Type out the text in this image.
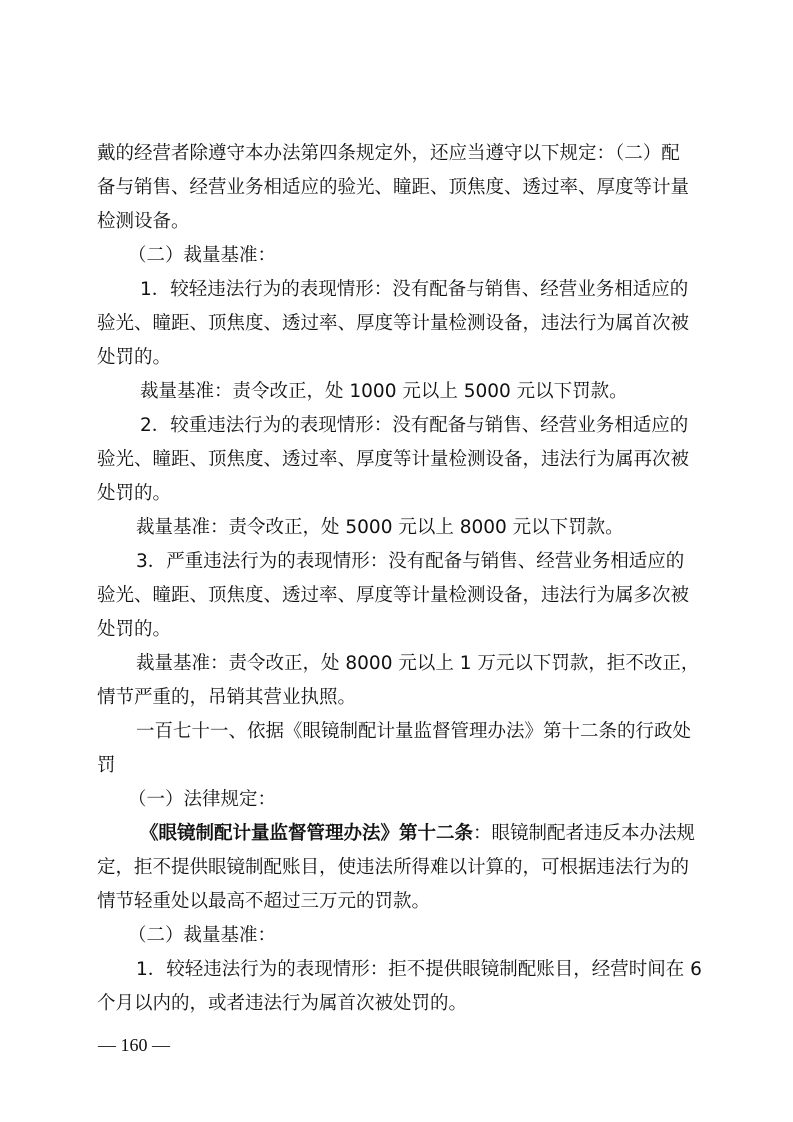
戴的经营者除遵守本办法第四条规定外，还应当遵守以下规定：（二）配
备与销售、经营业务相适应的验光、瞳距、顶焦度、透过率、厚度等计量
检测设备。
（二）裁量基准：
1．较轻违法行为的表现情形：没有配备与销售、经营业务相适应的
验光、瞳距、顶焦度、透过率、厚度等计量检测设备，违法行为属首次被
处罚的。
裁量基准：责令改正，处 1000 元以上 5000 元以下罚款。
2．较重违法行为的表现情形：没有配备与销售、经营业务相适应的
验光、瞳距、顶焦度、透过率、厚度等计量检测设备，违法行为属再次被
处罚的。
裁量基准：责令改正，处 5000 元以上 8000 元以下罚款。
3．严重违法行为的表现情形：没有配备与销售、经营业务相适应的
验光、瞳距、顶焦度、透过率、厚度等计量检测设备，违法行为属多次被
处罚的。
裁量基准：责令改正，处 8000 元以上 1 万元以下罚款，拒不改正，
情节严重的，吊销其营业执照。
一百七十一、依据《眼镜制配计量监督管理办法》第十二条的行政处
罚
（一）法律规定：
《眼镜制配计量监督管理办法》第十二条：眼镜制配者违反本办法规
定，拒不提供眼镜制配账目，使违法所得难以计算的，可根据违法行为的
情节轻重处以最高不超过三万元的罚款。
（二）裁量基准：
1．较轻违法行为的表现情形：拒不提供眼镜制配账目，经营时间在 6
个月以内的，或者违法行为属首次被处罚的。
— 160 —
